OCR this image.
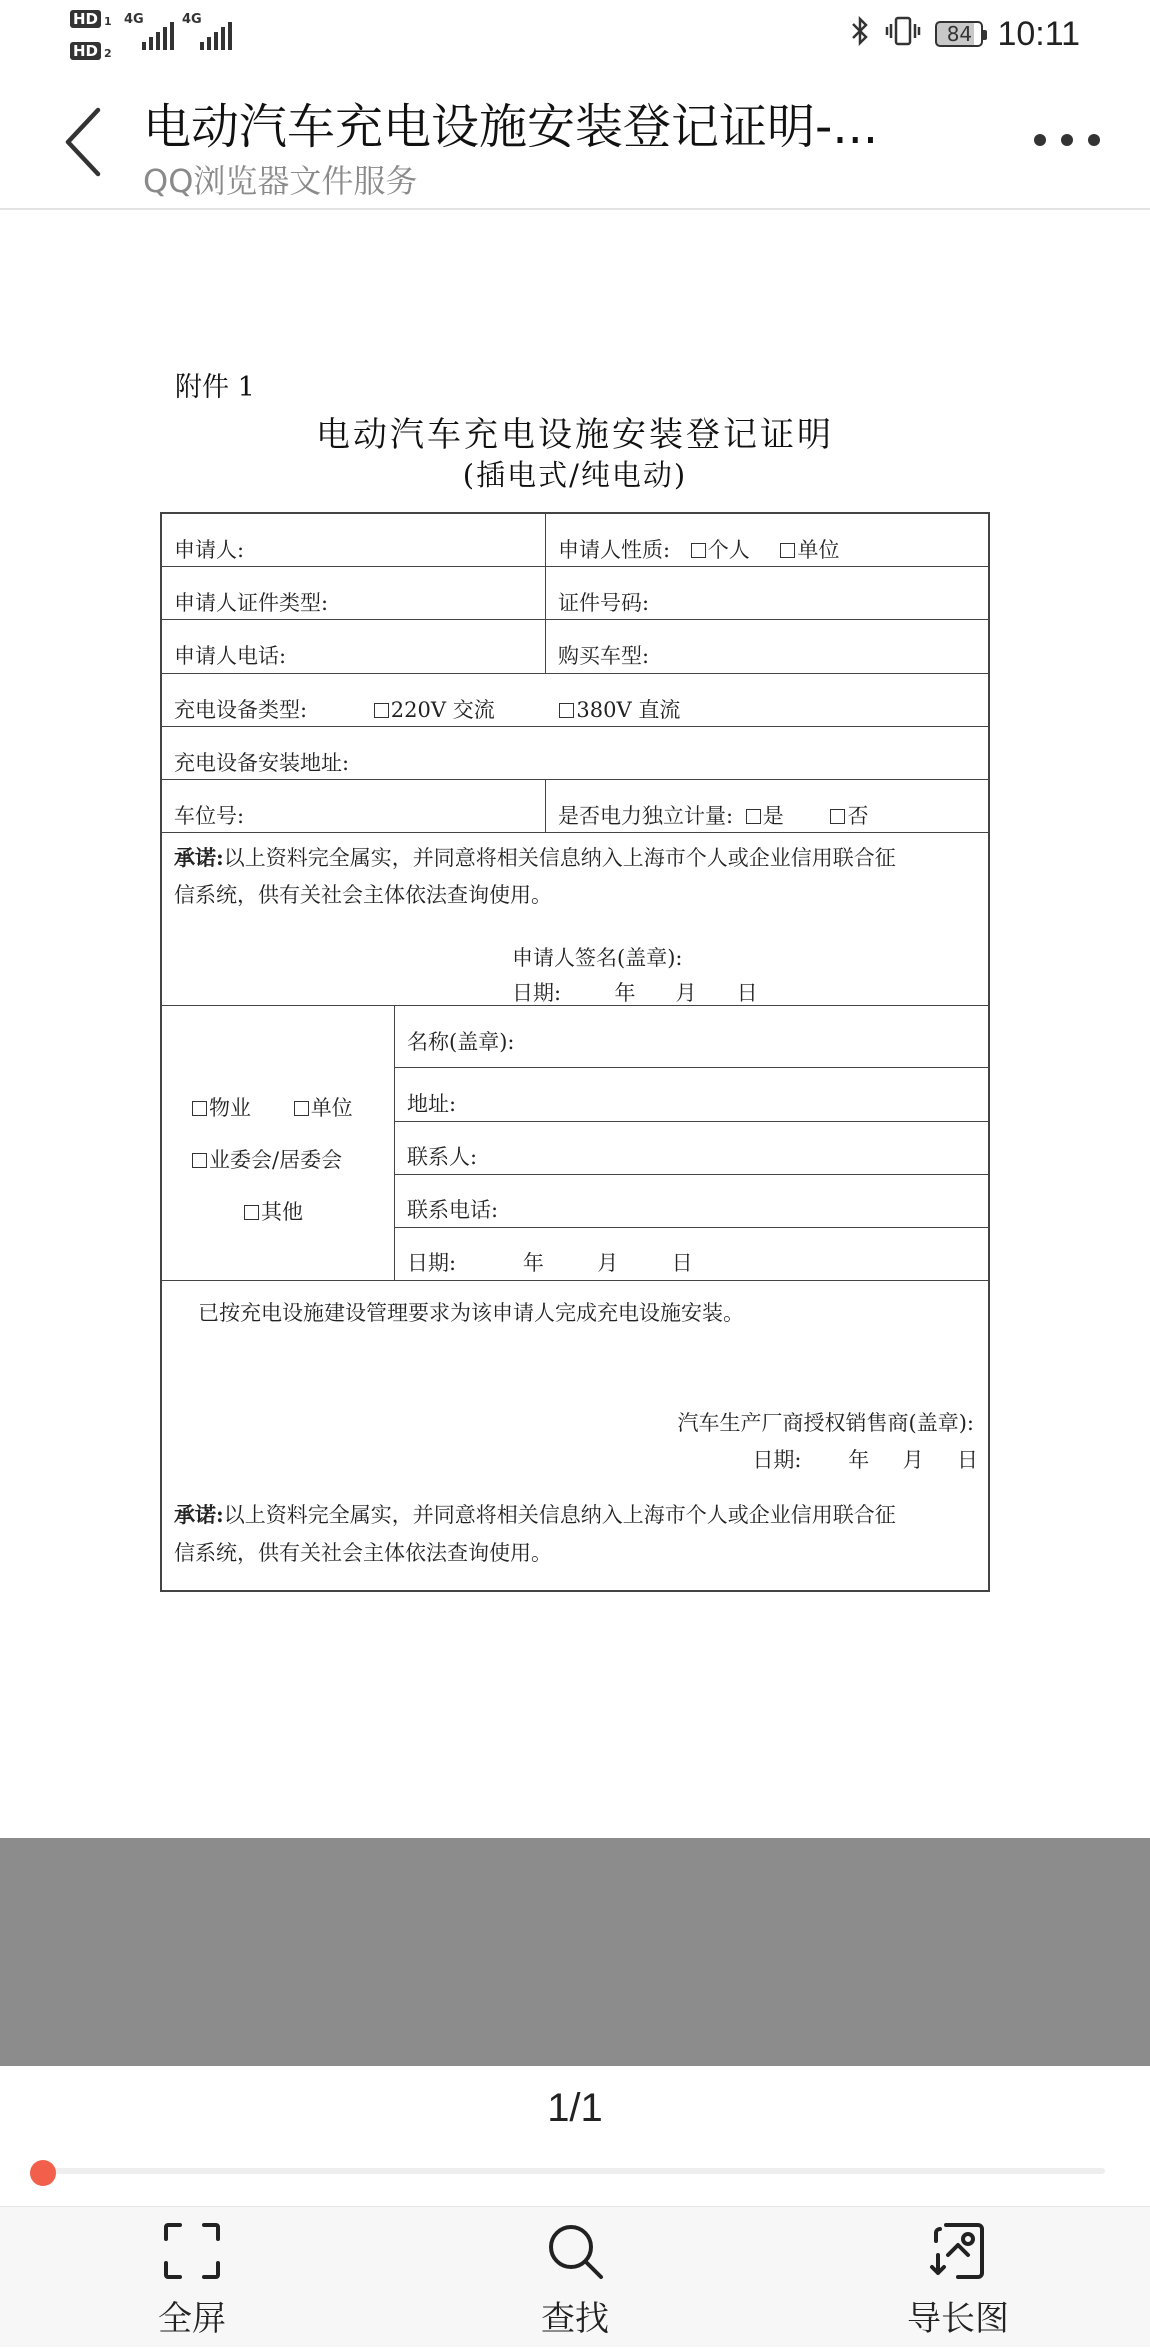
HD 1
HD 2
4G	4G
84 10:11
电动汽车充电设施安装登记证明-...
QQ浏览器文件服务
附件 1
电动汽车充电设施安装登记证明
(插电式/纯电动)
申请人:	申请人性质: 个人 单位
申请人证件类型:	证件号码:
申请人电话:	购买车型:
充电设备类型:	220V 交流	380V 直流
充电设备安装地址:
车位号:	是否电力独立计量: 是	否
承诺:以上资料完全属实，并同意将相关信息纳入上海市个人或企业信用联合征
信系统，供有关社会主体依法查询使用。
申请人签名(盖章):
日期:        年      月      日
物业	单位
业委会/居委会
其他
名称(盖章):
地址:
联系人:
联系电话:
日期:          年        月        日
已按充电设施建设管理要求为该申请人完成充电设施安装。
汽车生产厂商授权销售商(盖章):
日期:       年     月     日
承诺:以上资料完全属实，并同意将相关信息纳入上海市个人或企业信用联合征
信系统，供有关社会主体依法查询使用。
1/1
全屏	查找	导长图
